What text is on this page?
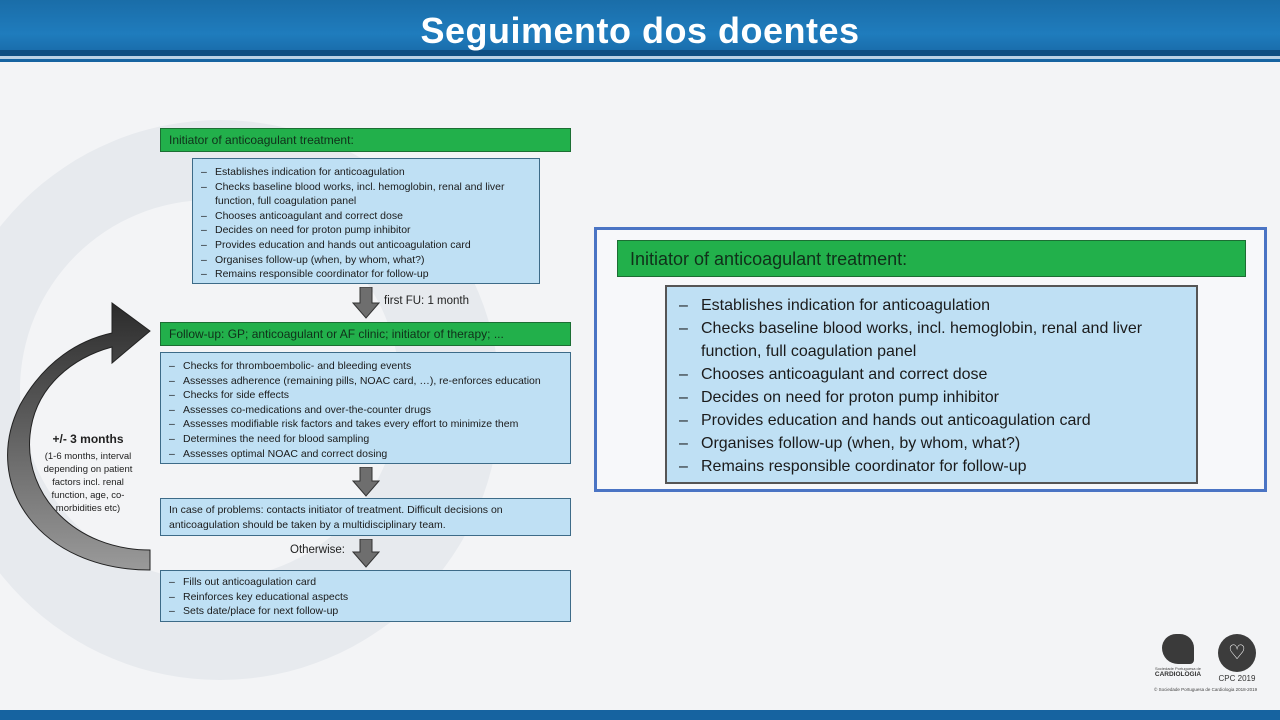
Seguimento dos doentes
Initiator of anticoagulant treatment:
– Establishes indication for anticoagulation
– Checks baseline blood works, incl. hemoglobin, renal and liver function, full coagulation panel
– Chooses anticoagulant and correct dose
– Decides on need for proton pump inhibitor
– Provides education and hands out anticoagulation card
– Organises follow-up (when, by whom, what?)
– Remains responsible coordinator for follow-up
first FU: 1 month
Follow-up: GP; anticoagulant or AF clinic; initiator of therapy; ...
– Checks for thromboembolic- and bleeding events
– Assesses adherence (remaining pills, NOAC card, …), re-enforces education
– Checks for side effects
– Assesses co-medications and over-the-counter drugs
– Assesses modifiable risk factors and takes every effort to minimize them
– Determines the need for blood sampling
– Assesses optimal NOAC and correct dosing

In case of problems: contacts initiator of treatment. Difficult decisions on anticoagulation should be taken by a multidisciplinary team.

Otherwise:
– Fills out anticoagulation card
– Reinforces key educational aspects
– Sets date/place for next follow-up
+/- 3 months
(1-6 months, interval depending on patient factors incl. renal function, age, co-morbidities etc)
Initiator of anticoagulant treatment:
– Establishes indication for anticoagulation
– Checks baseline blood works, incl. hemoglobin, renal and liver function, full coagulation panel
– Chooses anticoagulant and correct dose
– Decides on need for proton pump inhibitor
– Provides education and hands out anticoagulation card
– Organises follow-up (when, by whom, what?)
– Remains responsible coordinator for follow-up
Sociedade Portuguesa de
CARDIOLOGIA
♡
CPC 2019
© Sociedade Portuguesa de Cardiologia 2018-2019
